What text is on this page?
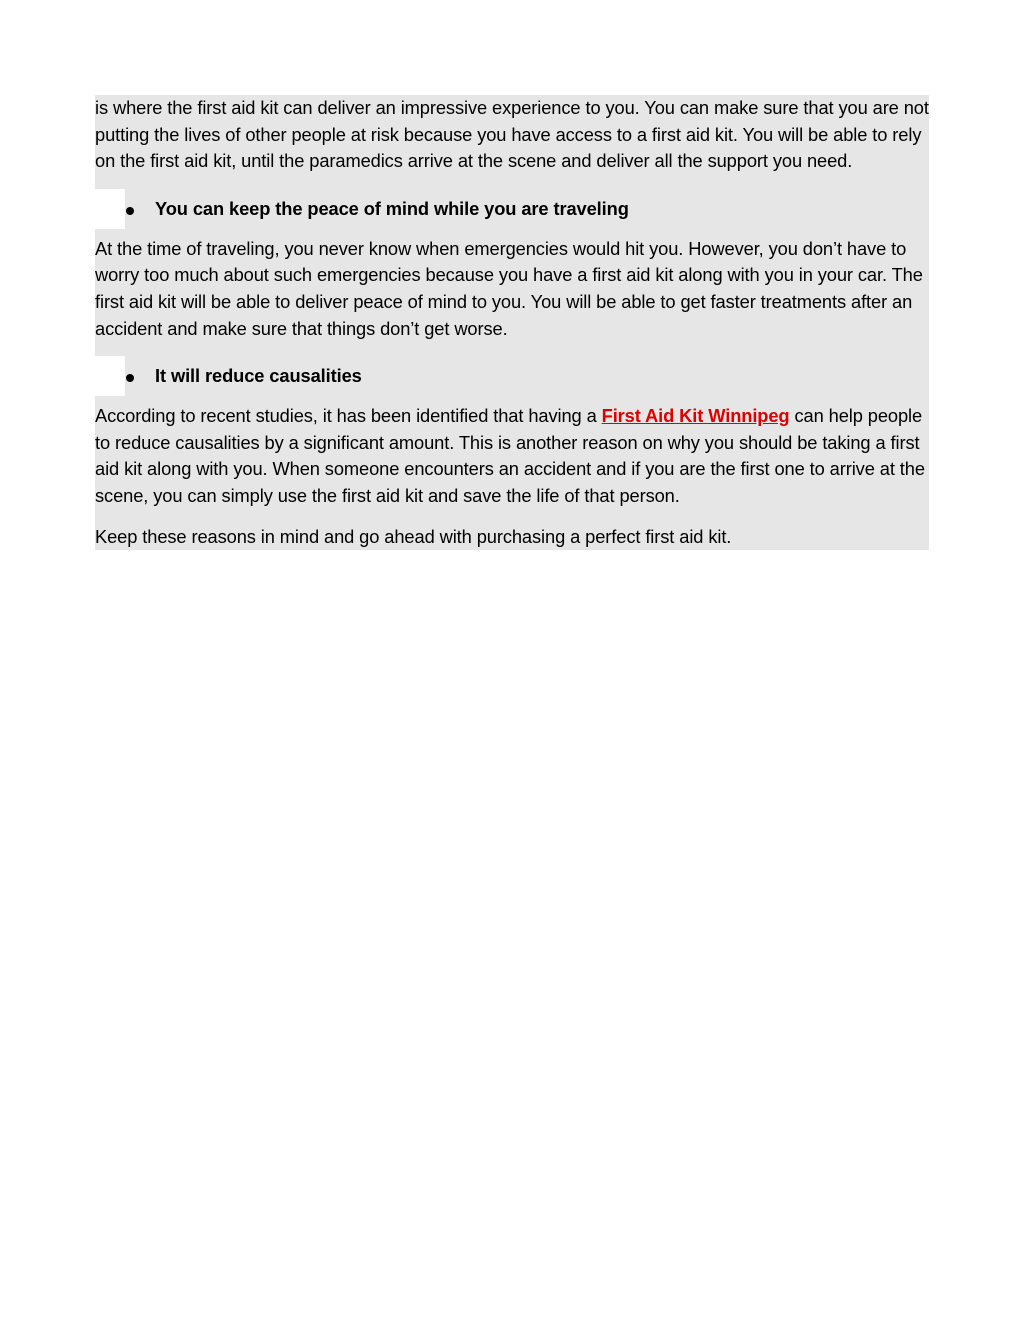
is where the first aid kit can deliver an impressive experience to you. You can make sure that you are not putting the lives of other people at risk because you have access to a first aid kit. You will be able to rely on the first aid kit, until the paramedics arrive at the scene and deliver all the support you need.

You can keep the peace of mind while you are traveling

At the time of traveling, you never know when emergencies would hit you. However, you don’t have to worry too much about such emergencies because you have a first aid kit along with you in your car. The first aid kit will be able to deliver peace of mind to you. You will be able to get faster treatments after an accident and make sure that things don’t get worse.

It will reduce causalities

According to recent studies, it has been identified that having a First Aid Kit Winnipeg can help people to reduce causalities by a significant amount. This is another reason on why you should be taking a first aid kit along with you. When someone encounters an accident and if you are the first one to arrive at the scene, you can simply use the first aid kit and save the life of that person.

Keep these reasons in mind and go ahead with purchasing a perfect first aid kit.
